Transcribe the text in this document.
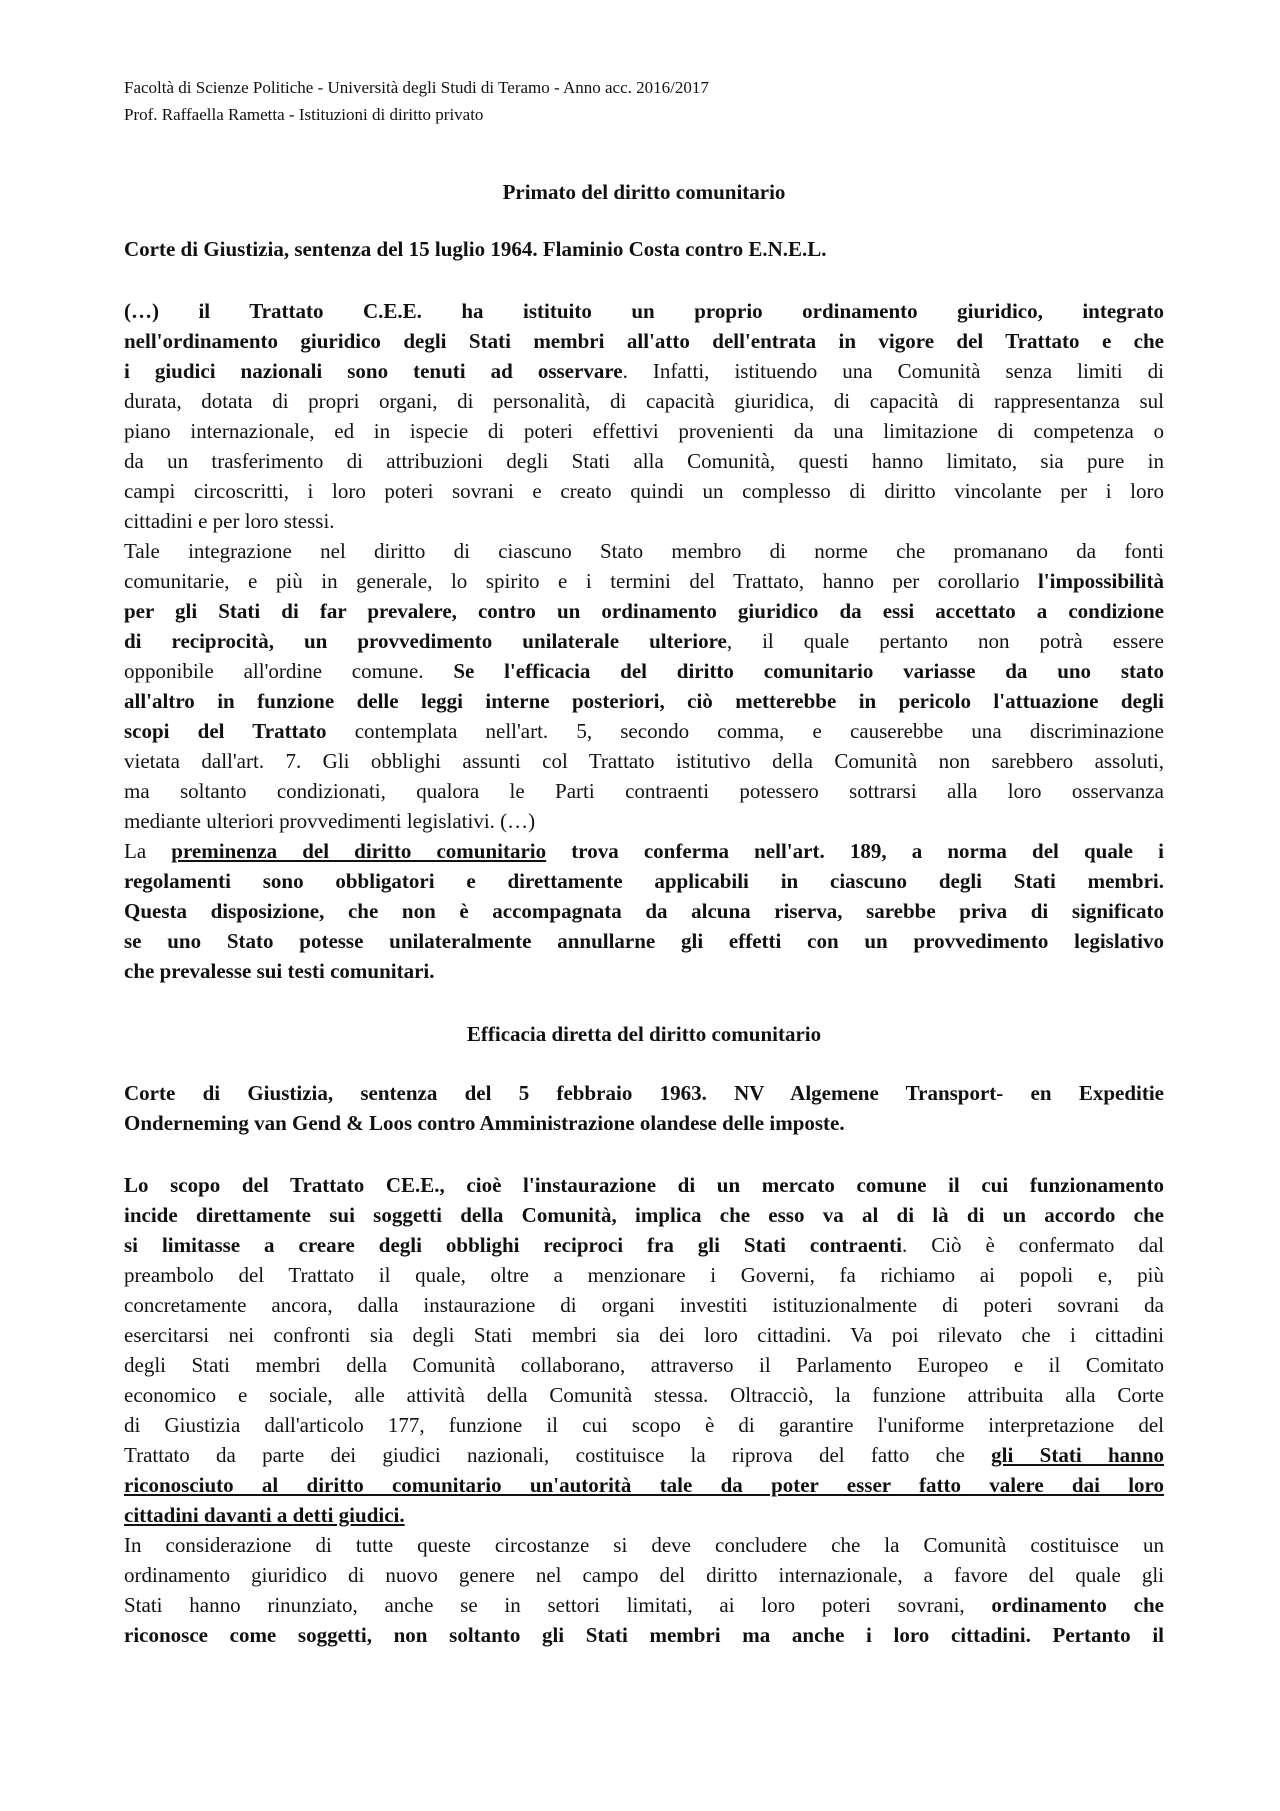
Facoltà di Scienze Politiche - Università degli Studi di Teramo - Anno acc. 2016/2017
Prof. Raffaella Rametta - Istituzioni di diritto privato
Primato del diritto comunitario
Corte di Giustizia, sentenza del 15 luglio 1964. Flaminio Costa contro E.N.E.L.
(…) il Trattato C.E.E. ha istituito un proprio ordinamento giuridico, integrato
nell'ordinamento giuridico degli Stati membri all'atto dell'entrata in vigore del Trattato e che
i giudici nazionali sono tenuti ad osservare. Infatti, istituendo una Comunità senza limiti di
durata, dotata di propri organi, di personalità, di capacità giuridica, di capacità di rappresentanza sul
piano internazionale, ed in ispecie di poteri effettivi provenienti da una limitazione di competenza o
da un trasferimento di attribuzioni degli Stati alla Comunità, questi hanno limitato, sia pure in
campi circoscritti, i loro poteri sovrani e creato quindi un complesso di diritto vincolante per i loro
cittadini e per loro stessi.
Tale integrazione nel diritto di ciascuno Stato membro di norme che promanano da fonti
comunitarie, e più in generale, lo spirito e i termini del Trattato, hanno per corollario l'impossibilità
per gli Stati di far prevalere, contro un ordinamento giuridico da essi accettato a condizione
di reciprocità, un provvedimento unilaterale ulteriore, il quale pertanto non potrà essere
opponibile all'ordine comune. Se l'efficacia del diritto comunitario variasse da uno stato
all'altro in funzione delle leggi interne posteriori, ciò metterebbe in pericolo l'attuazione degli
scopi del Trattato contemplata nell'art. 5, secondo comma, e causerebbe una discriminazione
vietata dall'art. 7. Gli obblighi assunti col Trattato istitutivo della Comunità non sarebbero assoluti,
ma soltanto condizionati, qualora le Parti contraenti potessero sottrarsi alla loro osservanza
mediante ulteriori provvedimenti legislativi. (…)
La preminenza del diritto comunitario trova conferma nell'art. 189, a norma del quale i
regolamenti sono obbligatori e direttamente applicabili in ciascuno degli Stati membri.
Questa disposizione, che non è accompagnata da alcuna riserva, sarebbe priva di significato
se uno Stato potesse unilateralmente annullarne gli effetti con un provvedimento legislativo
che prevalesse sui testi comunitari.
Efficacia diretta del diritto comunitario
Corte di Giustizia, sentenza del 5 febbraio 1963. NV Algemene Transport- en Expeditie
Onderneming van Gend & Loos contro Amministrazione olandese delle imposte.
Lo scopo del Trattato CE.E., cioè l'instaurazione di un mercato comune il cui funzionamento
incide direttamente sui soggetti della Comunità, implica che esso va al di là di un accordo che
si limitasse a creare degli obblighi reciproci fra gli Stati contraenti. Ciò è confermato dal
preambolo del Trattato il quale, oltre a menzionare i Governi, fa richiamo ai popoli e, più
concretamente ancora, dalla instaurazione di organi investiti istituzionalmente di poteri sovrani da
esercitarsi nei confronti sia degli Stati membri sia dei loro cittadini. Va poi rilevato che i cittadini
degli Stati membri della Comunità collaborano, attraverso il Parlamento Europeo e il Comitato
economico e sociale, alle attività della Comunità stessa. Oltracciò, la funzione attribuita alla Corte
di Giustizia dall'articolo 177, funzione il cui scopo è di garantire l'uniforme interpretazione del
Trattato da parte dei giudici nazionali, costituisce la riprova del fatto che gli Stati hanno
riconosciuto al diritto comunitario un'autorità tale da poter esser fatto valere dai loro
cittadini davanti a detti giudici.
In considerazione di tutte queste circostanze si deve concludere che la Comunità costituisce un
ordinamento giuridico di nuovo genere nel campo del diritto internazionale, a favore del quale gli
Stati hanno rinunziato, anche se in settori limitati, ai loro poteri sovrani, ordinamento che
riconosce come soggetti, non soltanto gli Stati membri ma anche i loro cittadini. Pertanto il
